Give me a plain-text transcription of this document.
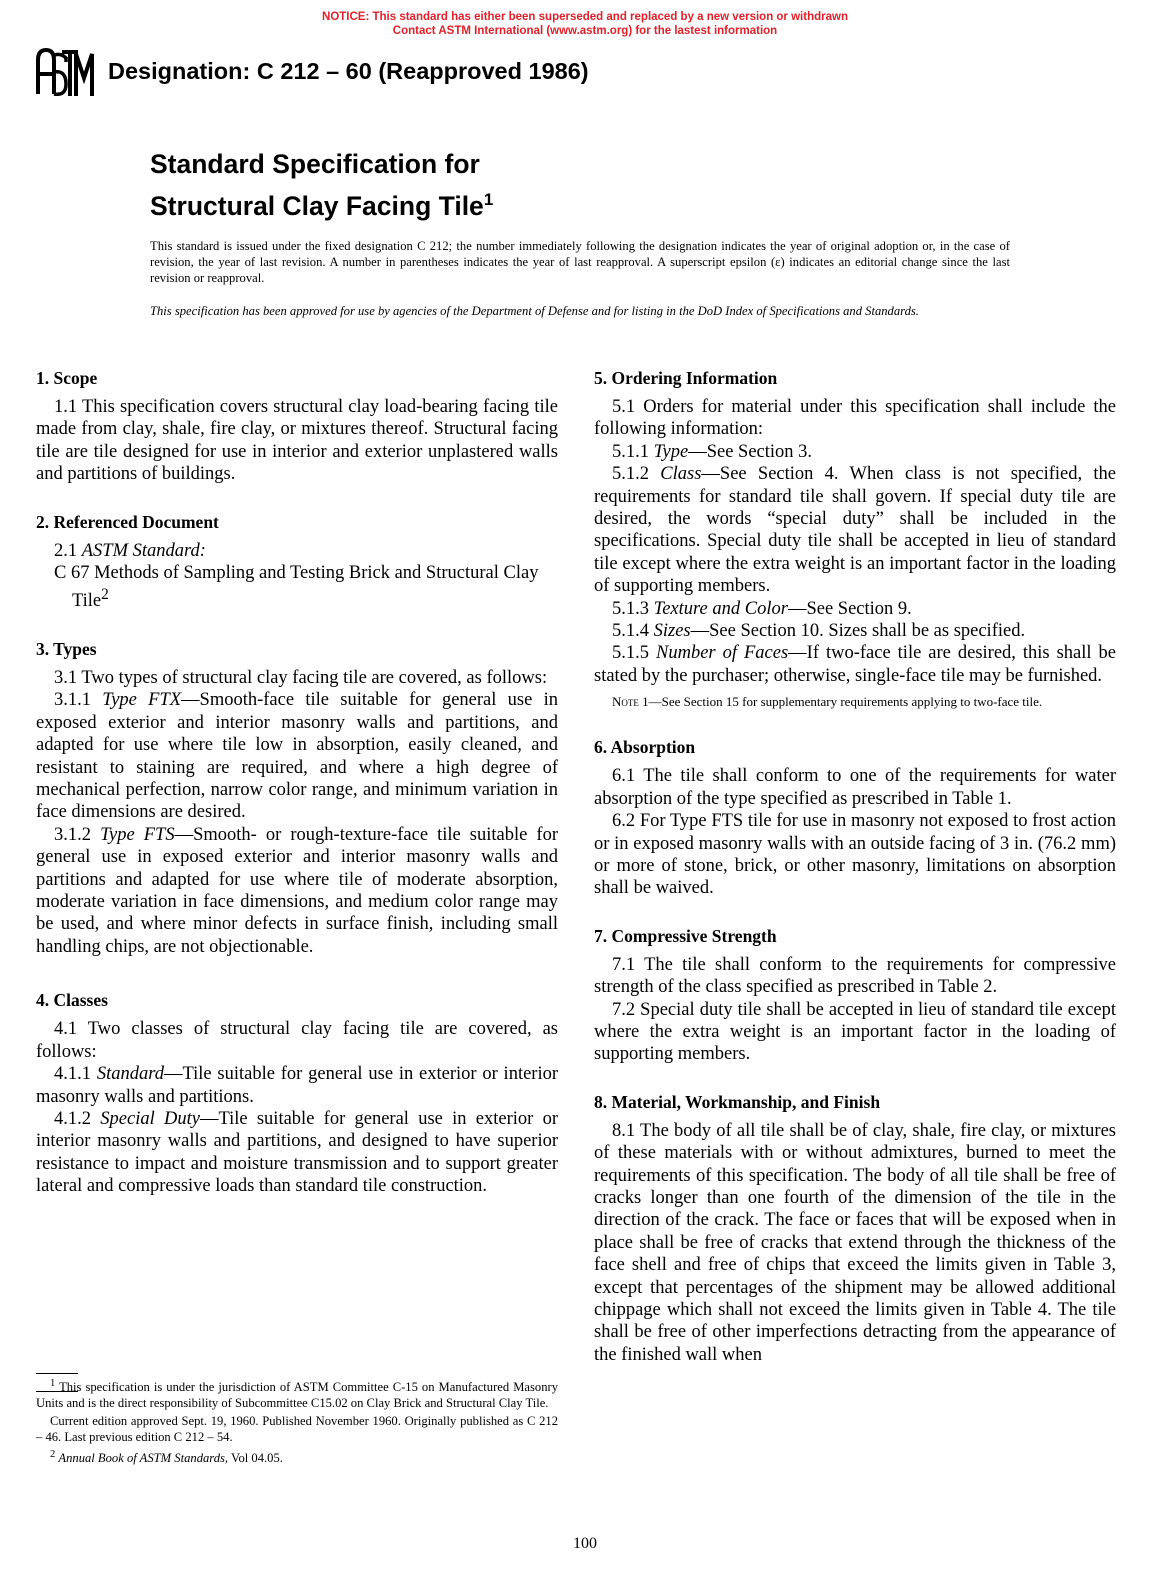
NOTICE: This standard has either been superseded and replaced by a new version or withdrawn
Contact ASTM International (www.astm.org) for the lastest information
Designation: C 212 – 60 (Reapproved 1986)
Standard Specification for
Structural Clay Facing Tile$^1$
This standard is issued under the fixed designation C 212; the number immediately following the designation indicates the year of original adoption or, in the case of revision, the year of last revision. A number in parentheses indicates the year of last reapproval. A superscript epsilon (ε) indicates an editorial change since the last revision or reapproval.
This specification has been approved for use by agencies of the Department of Defense and for listing in the DoD Index of Specifications and Standards.
1. Scope

1.1 This specification covers structural clay load-bearing facing tile made from clay, shale, fire clay, or mixtures thereof. Structural facing tile are tile designed for use in interior and exterior unplastered walls and partitions of buildings.

2. Referenced Document

2.1 ASTM Standard:

C 67 Methods of Sampling and Testing Brick and Structural Clay Tile$^2$

3. Types

3.1 Two types of structural clay facing tile are covered, as follows:

3.1.1 Type FTX—Smooth-face tile suitable for general use in exposed exterior and interior masonry walls and partitions, and adapted for use where tile low in absorption, easily cleaned, and resistant to staining are required, and where a high degree of mechanical perfection, narrow color range, and minimum variation in face dimensions are desired.

3.1.2 Type FTS—Smooth- or rough-texture-face tile suitable for general use in exposed exterior and interior masonry walls and partitions and adapted for use where tile of moderate absorption, moderate variation in face dimensions, and medium color range may be used, and where minor defects in surface finish, including small handling chips, are not objectionable.

4. Classes

4.1 Two classes of structural clay facing tile are covered, as follows:

4.1.1 Standard—Tile suitable for general use in exterior or interior masonry walls and partitions.

4.1.2 Special Duty—Tile suitable for general use in exterior or interior masonry walls and partitions, and designed to have superior resistance to impact and moisture transmission and to support greater lateral and compressive loads than standard tile construction.

5. Ordering Information

5.1 Orders for material under this specification shall include the following information:

5.1.1 Type—See Section 3.

5.1.2 Class—See Section 4. When class is not specified, the requirements for standard tile shall govern. If special duty tile are desired, the words “special duty” shall be included in the specifications. Special duty tile shall be accepted in lieu of standard tile except where the extra weight is an important factor in the loading of supporting members.

5.1.3 Texture and Color—See Section 9.

5.1.4 Sizes—See Section 10. Sizes shall be as specified.

5.1.5 Number of Faces—If two-face tile are desired, this shall be stated by the purchaser; otherwise, single-face tile may be furnished.

Note 1—See Section 15 for supplementary requirements applying to two-face tile.

6. Absorption

6.1 The tile shall conform to one of the requirements for water absorption of the type specified as prescribed in Table 1.

6.2 For Type FTS tile for use in masonry not exposed to frost action or in exposed masonry walls with an outside facing of 3 in. (76.2 mm) or more of stone, brick, or other masonry, limitations on absorption shall be waived.

7. Compressive Strength

7.1 The tile shall conform to the requirements for compressive strength of the class specified as prescribed in Table 2.

7.2 Special duty tile shall be accepted in lieu of standard tile except where the extra weight is an important factor in the loading of supporting members.

8. Material, Workmanship, and Finish

8.1 The body of all tile shall be of clay, shale, fire clay, or mixtures of these materials with or without admixtures, burned to meet the requirements of this specification. The body of all tile shall be free of cracks longer than one fourth of the dimension of the tile in the direction of the crack. The face or faces that will be exposed when in place shall be free of cracks that extend through the thickness of the face shell and free of chips that exceed the limits given in Table 3, except that percentages of the shipment may be allowed additional chippage which shall not exceed the limits given in Table 4. The tile shall be free of other imperfections detracting from the appearance of the finished wall when

$^1$ This specification is under the jurisdiction of ASTM Committee C-15 on Manufactured Masonry Units and is the direct responsibility of Subcommittee C15.02 on Clay Brick and Structural Clay Tile.

Current edition approved Sept. 19, 1960. Published November 1960. Originally published as C 212 – 46. Last previous edition C 212 – 54.

$^2$ Annual Book of ASTM Standards, Vol 04.05.

100
